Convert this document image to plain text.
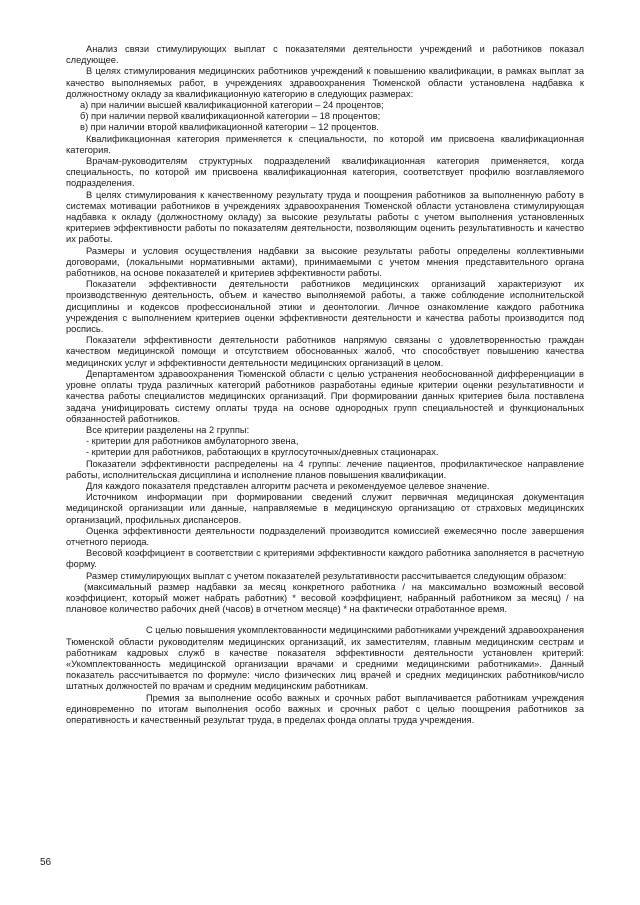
Анализ связи стимулирующих выплат с показателями деятельности учреждений и работников показал следующее.

В целях стимулирования медицинских работников учреждений к повышению квалификации, в рамках выплат за качество выполняемых работ, в учреждениях здравоохранения Тюменской области установлена надбавка к должностному окладу за квалификационную категорию в следующих размерах:

а) при наличии высшей квалификационной категории – 24 процентов;

б) при наличии первой квалификационной категории – 18 процентов;

в) при наличии второй квалификационной категории – 12 процентов.

Квалификационная категория применяется к специальности, по которой им присвоена квалификационная категория.

Врачам-руководителям структурных подразделений квалификационная категория применяется, когда специальность, по которой им присвоена квалификационная категория, соответствует профилю возглавляемого подразделения.

В целях стимулирования к качественному результату труда и поощрения работников за выполненную работу в системах мотивации работников в учреждениях здравоохранения Тюменской области установлена стимулирующая надбавка к окладу (должностному окладу) за высокие результаты работы с учетом выполнения установленных критериев эффективности работы по показателям деятельности, позволяющим оценить результативность и качество их работы.

Размеры и условия осуществления надбавки за высокие результаты работы определены коллективными договорами, (локальными нормативными актами), принимаемыми с учетом мнения представительного органа работников, на основе показателей и критериев эффективности работы.

Показатели эффективности деятельности работников медицинских организаций характеризуют их производственную деятельность, объем и качество выполняемой работы, а также соблюдение исполнительской дисциплины и кодексов профессиональной этики и деонтологии. Личное ознакомление каждого работника учреждения с выполнением критериев оценки эффективности деятельности и качества работы производится под роспись.

Показатели эффективности деятельности работников напрямую связаны с удовлетворенностью граждан качеством медицинской помощи и отсутствием обоснованных жалоб, что способствует повышению качества медицинских услуг и эффективности деятельности медицинских организаций в целом.

Департаментом здравоохранения Тюменской области с целью устранения необоснованной дифференциации в уровне оплаты труда различных категорий работников разработаны единые критерии оценки результативности и качества работы специалистов медицинских организаций. При формировании данных критериев была поставлена задача унифицировать систему оплаты труда на основе однородных групп специальностей и функциональных обязанностей работников.

Все критерии разделены на 2 группы:

- критерии для работников амбулаторного звена,

- критерии для работников, работающих в круглосуточных/дневных стационарах.

Показатели эффективности распределены на 4 группы: лечение пациентов, профилактическое направление работы, исполнительская дисциплина и исполнение планов повышения квалификации.

Для каждого показателя представлен алгоритм расчета и рекомендуемое целевое значение.

Источником информации при формировании сведений служит первичная медицинская документация медицинской организации или данные, направляемые в медицинскую организацию от страховых медицинских организаций, профильных диспансеров.

Оценка эффективности деятельности подразделений производится комиссией ежемесячно после завершения отчетного периода.

Весовой коэффициент в соответствии с критериями эффективности каждого работника заполняется в расчетную форму.

Размер стимулирующих выплат с учетом показателей результативности рассчитывается следующим образом:

(максимальный размер надбавки за месяц конкретного работника / на максимально возможный весовой коэффициент, который может набрать работник) * весовой коэффициент, набранный работником за месяц) / на плановое количество рабочих дней (часов) в отчетном месяце) * на фактически отработанное время.

С целью повышения укомплектованности медицинскими работниками учреждений здравоохранения Тюменской области руководителям медицинских организаций, их заместителям, главным медицинским сестрам и работникам кадровых служб в качестве показателя эффективности деятельности установлен критерий: «Укомплектованность медицинской организации врачами и средними медицинскими работниками». Данный показатель рассчитывается по формуле: число физических лиц врачей и средних медицинских работников/число штатных должностей по врачам и средним медицинским работникам.

Премия за выполнение особо важных и срочных работ выплачивается работникам учреждения единовременно по итогам выполнения особо важных и срочных работ с целью поощрения работников за оперативность и качественный результат труда, в пределах фонда оплаты труда учреждения.

56
